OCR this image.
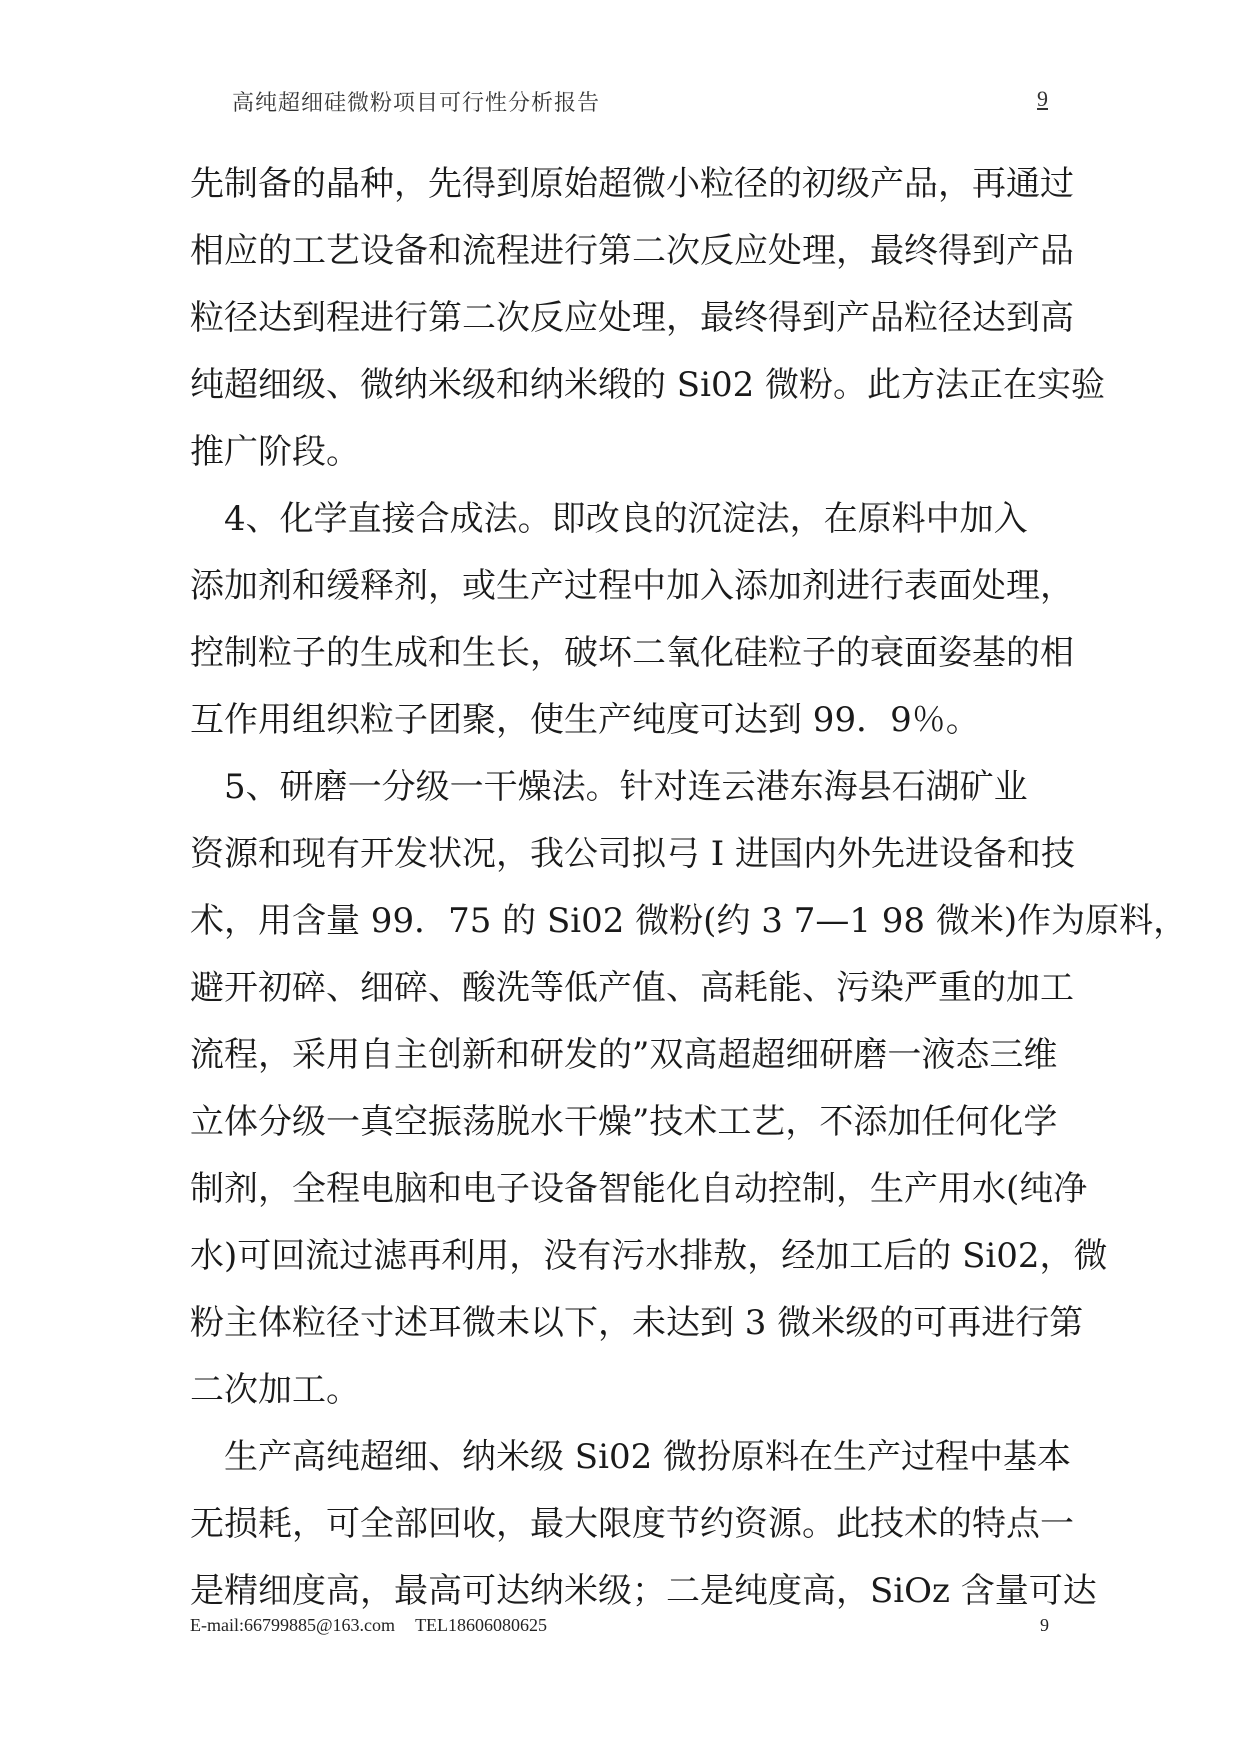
高纯超细硅微粉项目可行性分析报告	9
先制备的晶种，先得到原始超微小粒径的初级产品，再通过
相应的工艺设备和流程进行第二次反应处理，最终得到产品
粒径达到程进行第二次反应处理，最终得到产品粒径达到高
纯超细级、微纳米级和纳米缎的 Si02 微粉。此方法正在实验
推广阶段。
　4、化学直接合成法。即改良的沉淀法，在原料中加入
添加剂和缓释剂，或生产过程中加入添加剂进行表面处理，
控制粒子的生成和生长，破坏二氧化硅粒子的衰面姿基的相
互作用组织粒子团聚，使生产纯度可达到 99．9％。
　5、研磨一分级一干燥法。针对连云港东海县石湖矿业
资源和现有开发状况，我公司拟弓 I 进国内外先进设备和技
术，用含量 99．75 的 Si02 微粉(约 3 7—1 98 微米)作为原料，
避开初碎、细碎、酸洗等低产值、高耗能、污染严重的加工
流程，采用自主创新和研发的”双高超超细研磨一液态三维
立体分级一真空振荡脱水干燥”技术工艺，不添加任何化学
制剂，全程电脑和电子设备智能化自动控制，生产用水(纯净
水)可回流过滤再利用，没有污水排敖，经加工后的 Si02，微
粉主体粒径寸述耳微未以下，未达到 3 微米级的可再进行第
二次加工。
　生产高纯超细、纳米级 Si02 微扮原料在生产过程中基本
无损耗，可全部回收，最大限度节约资源。此技术的特点一
是精细度高，最高可达纳米级；二是纯度高，SiOz 含量可达
E-mail:66799885@163.com TEL18606080625	9
